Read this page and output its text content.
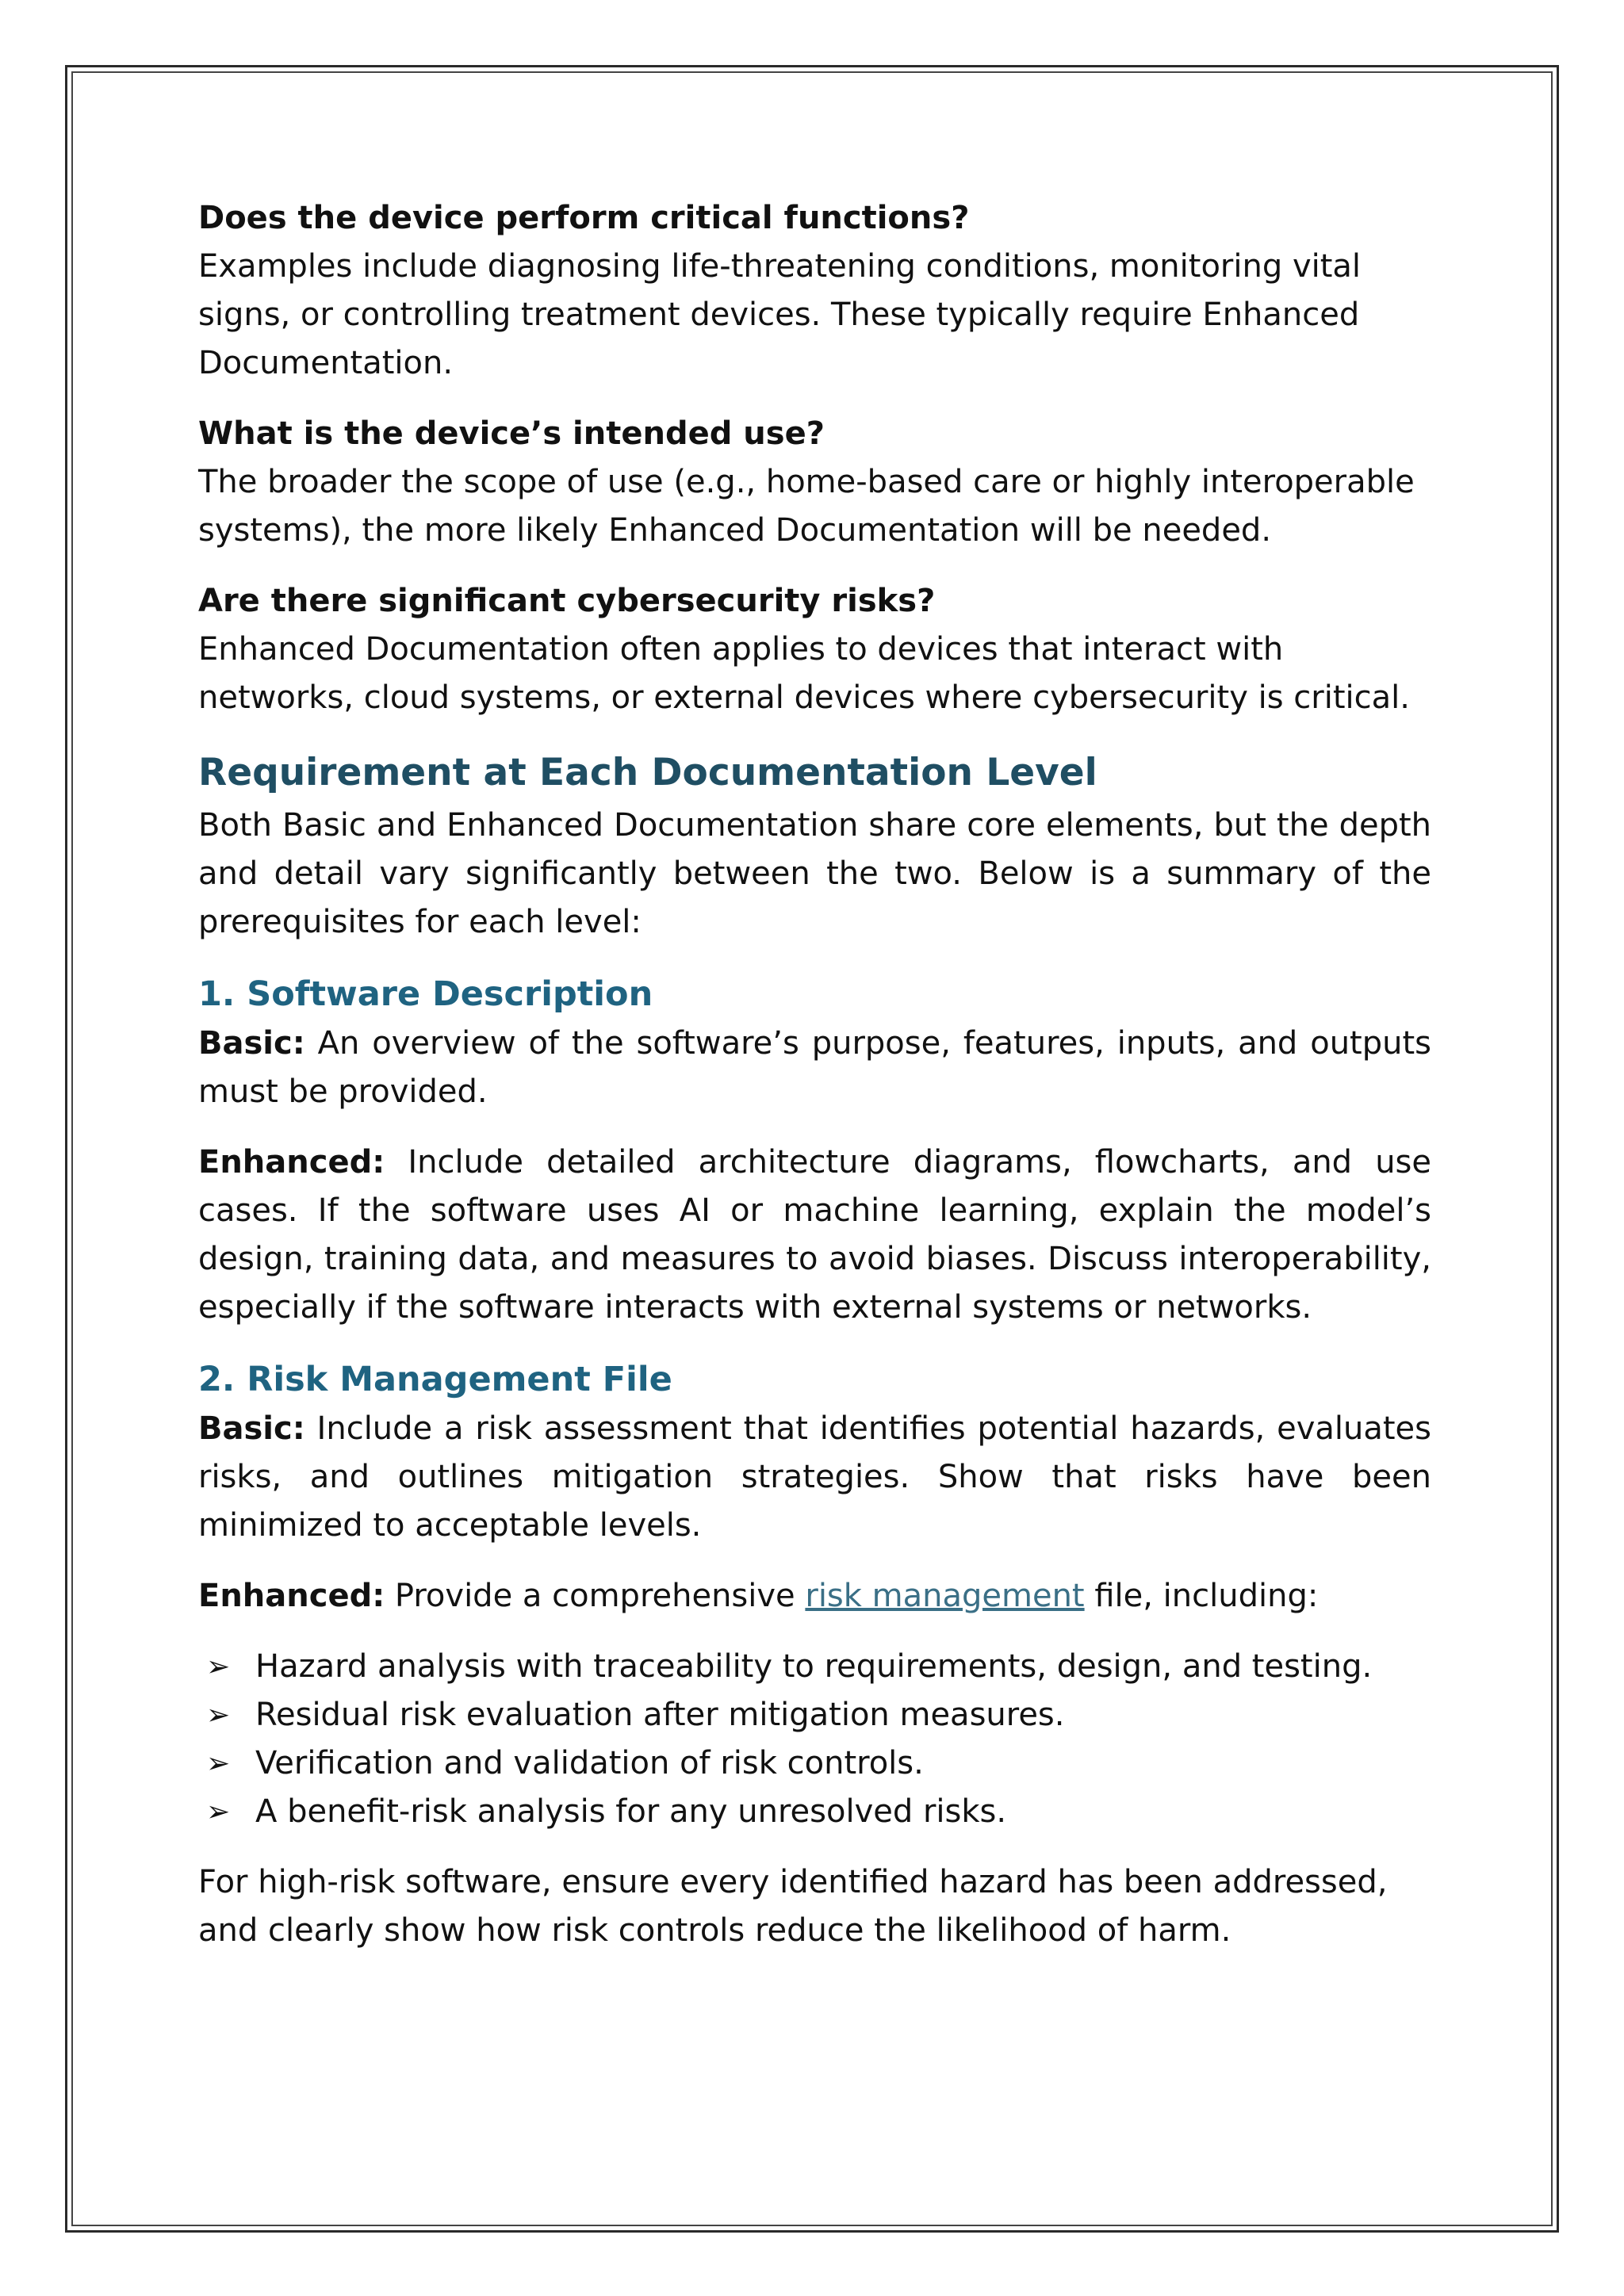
Does the device perform critical functions?

Examples include diagnosing life-threatening conditions, monitoring vital signs, or controlling treatment devices. These typically require Enhanced Documentation.

What is the device’s intended use?

The broader the scope of use (e.g., home-based care or highly interoperable systems), the more likely Enhanced Documentation will be needed.

Are there significant cybersecurity risks?

Enhanced Documentation often applies to devices that interact with networks, cloud systems, or external devices where cybersecurity is critical.

Requirement at Each Documentation Level

Both Basic and Enhanced Documentation share core elements, but the depth and detail vary significantly between the two. Below is a summary of the prerequisites for each level:

1. Software Description

Basic: An overview of the software’s purpose, features, inputs, and outputs must be provided.

Enhanced: Include detailed architecture diagrams, flowcharts, and use cases. If the software uses AI or machine learning, explain the model’s design, training data, and measures to avoid biases. Discuss interoperability, especially if the software interacts with external systems or networks.

2. Risk Management File

Basic: Include a risk assessment that identifies potential hazards, evaluates risks, and outlines mitigation strategies. Show that risks have been minimized to acceptable levels.

Enhanced: Provide a comprehensive risk management file, including:

➢ Hazard analysis with traceability to requirements, design, and testing.
➢ Residual risk evaluation after mitigation measures.
➢ Verification and validation of risk controls.
➢ A benefit-risk analysis for any unresolved risks.

For high-risk software, ensure every identified hazard has been addressed, and clearly show how risk controls reduce the likelihood of harm.
